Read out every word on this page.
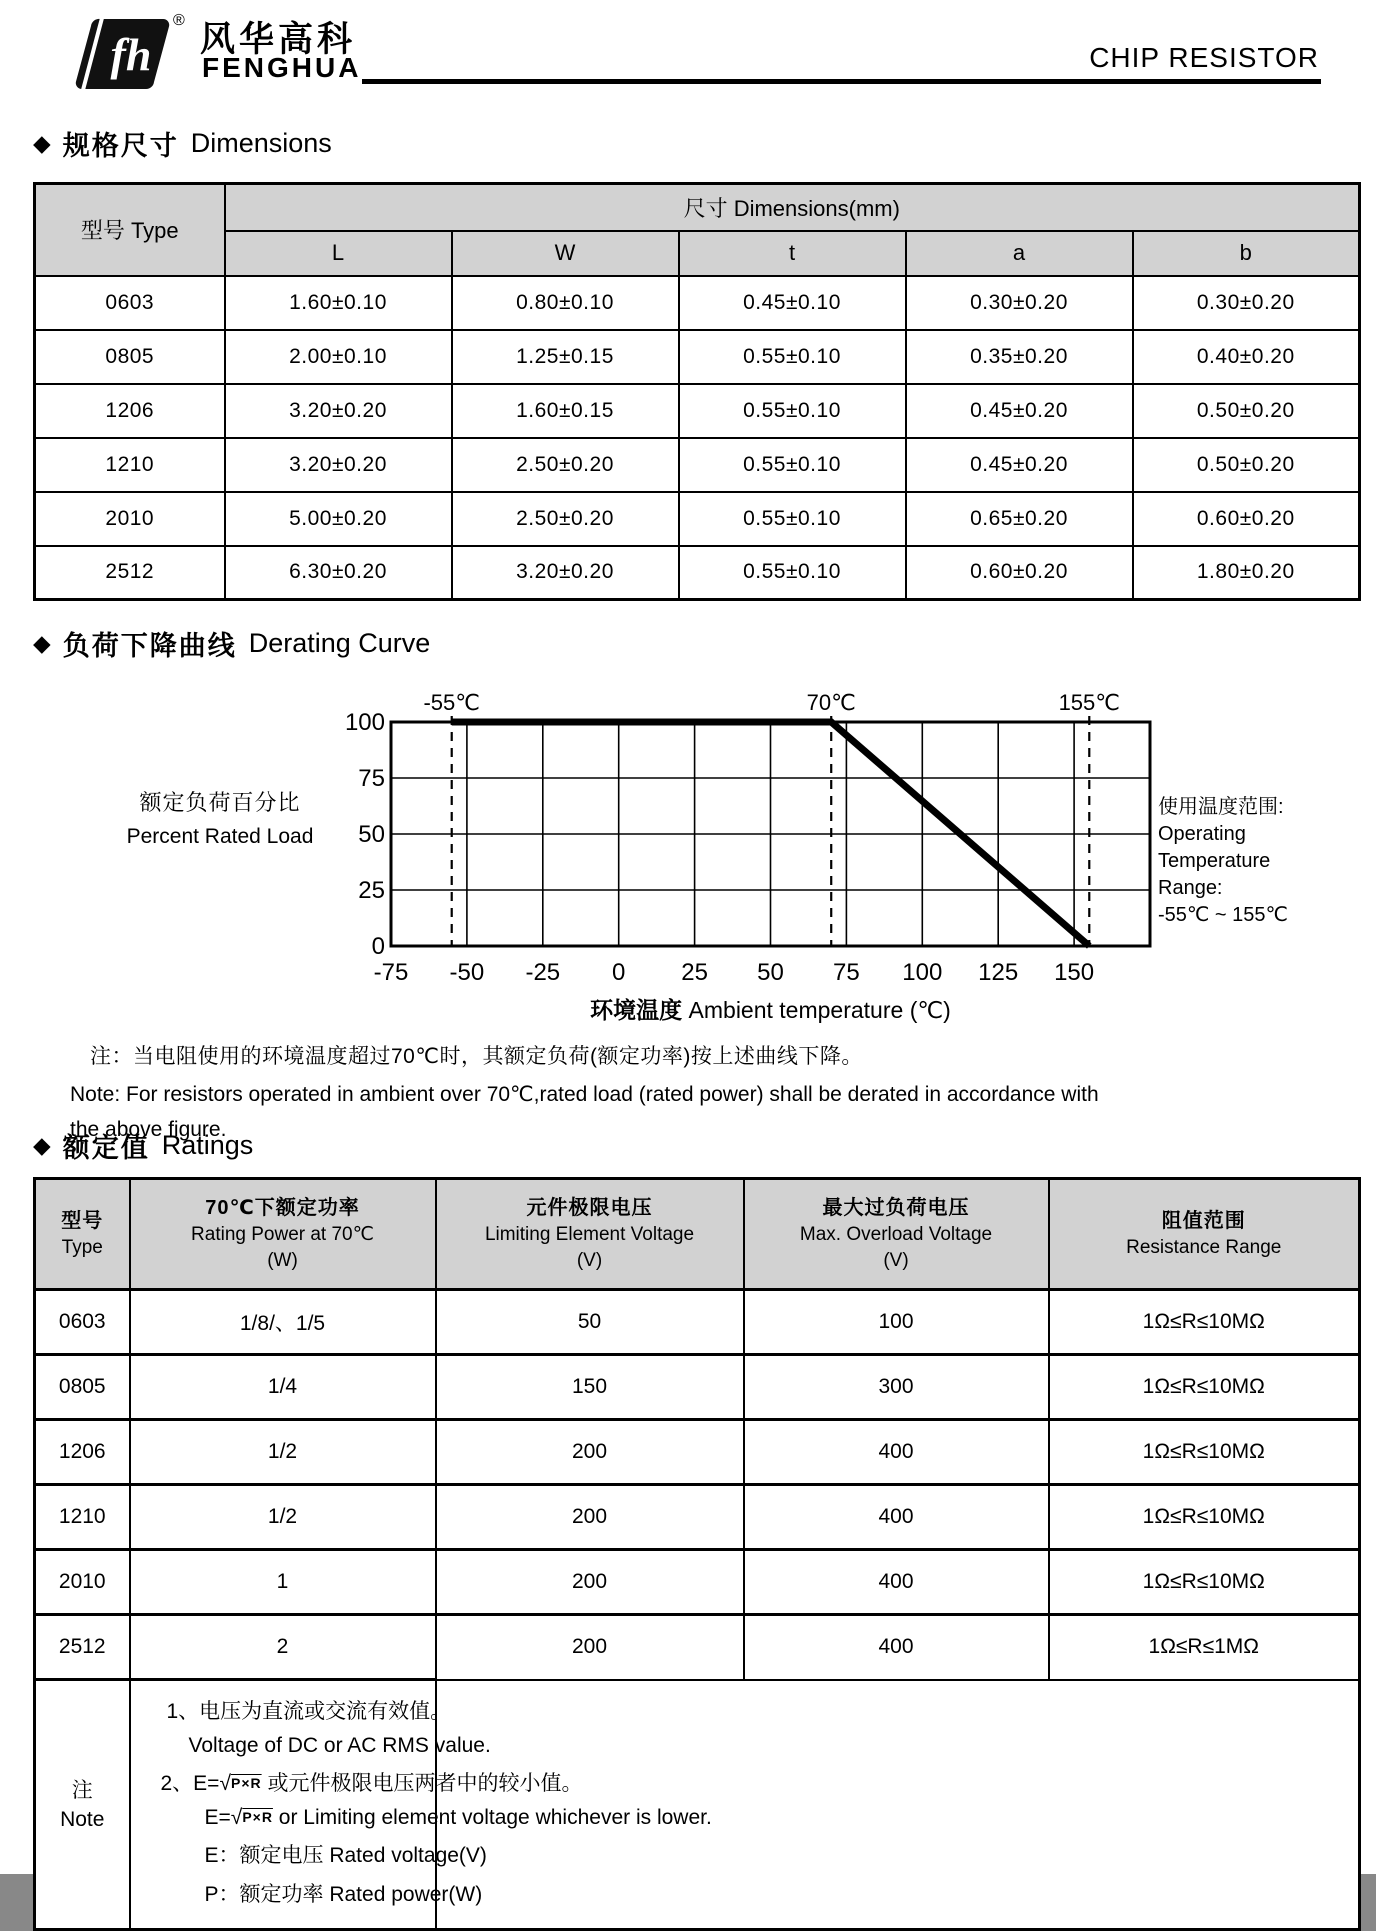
fh
® 风华高科
FENGHUA	CHIP RESISTOR
◆ 规格尺寸 Dimensions
型号 Type	尺寸 Dimensions(mm)				
	L	W	t	a	b
0603	1.60±0.10	0.80±0.10	0.45±0.10	0.30±0.20	0.30±0.20
0805	2.00±0.10	1.25±0.15	0.55±0.10	0.35±0.20	0.40±0.20
1206	3.20±0.20	1.60±0.15	0.55±0.10	0.45±0.20	0.50±0.20
1210	3.20±0.20	2.50±0.20	0.55±0.10	0.45±0.20	0.50±0.20
2010	5.00±0.20	2.50±0.20	0.55±0.10	0.65±0.20	0.60±0.20
2512	6.30±0.20	3.20±0.20	0.55±0.10	0.60±0.20	1.80±0.20
◆ 负荷下降曲线 Derating Curve
额定负荷百分比
Percent Rated Load
-55℃	70℃	155℃
100
75
50
25
0
-75 -50 -25 0 25 50 75 100 125 150
环境温度 Ambient temperature (℃)
使用温度范围:
Operating
Temperature
Range:
-55℃ ~ 155℃
注：当电阻使用的环境温度超过70℃时，其额定负荷(额定功率)按上述曲线下降。
Note: For resistors operated in ambient over 70℃,rated load (rated power) shall be derated in accordance with
the above figure.
◆ 额定值 Ratings
型号
Type

70℃下额定功率
Rating Power at 70℃
(W)

元件极限电压
Limiting Element Voltage
(V)

最大过负荷电压
Max. Overload Voltage
(V)

阻值范围
Resistance Range

0603	1/8/、1/5	50	100	1Ω≤R≤10MΩ
0805	1/4	150	300	1Ω≤R≤10MΩ
1206	1/2	200	400	1Ω≤R≤10MΩ
1210	1/2	200	400	1Ω≤R≤10MΩ
2010	1	200	400	1Ω≤R≤10MΩ
2512	2	200	400	1Ω≤R≤1MΩ

注
Note

1、电压为直流或交流有效值。
Voltage of DC or AC RMS value.
2、E=√P×R 或元件极限电压两者中的较小值。
E=√P×R or Limiting element voltage whichever is lower.
E：额定电压 Rated voltage(V)
P：额定功率 Rated power(W)
